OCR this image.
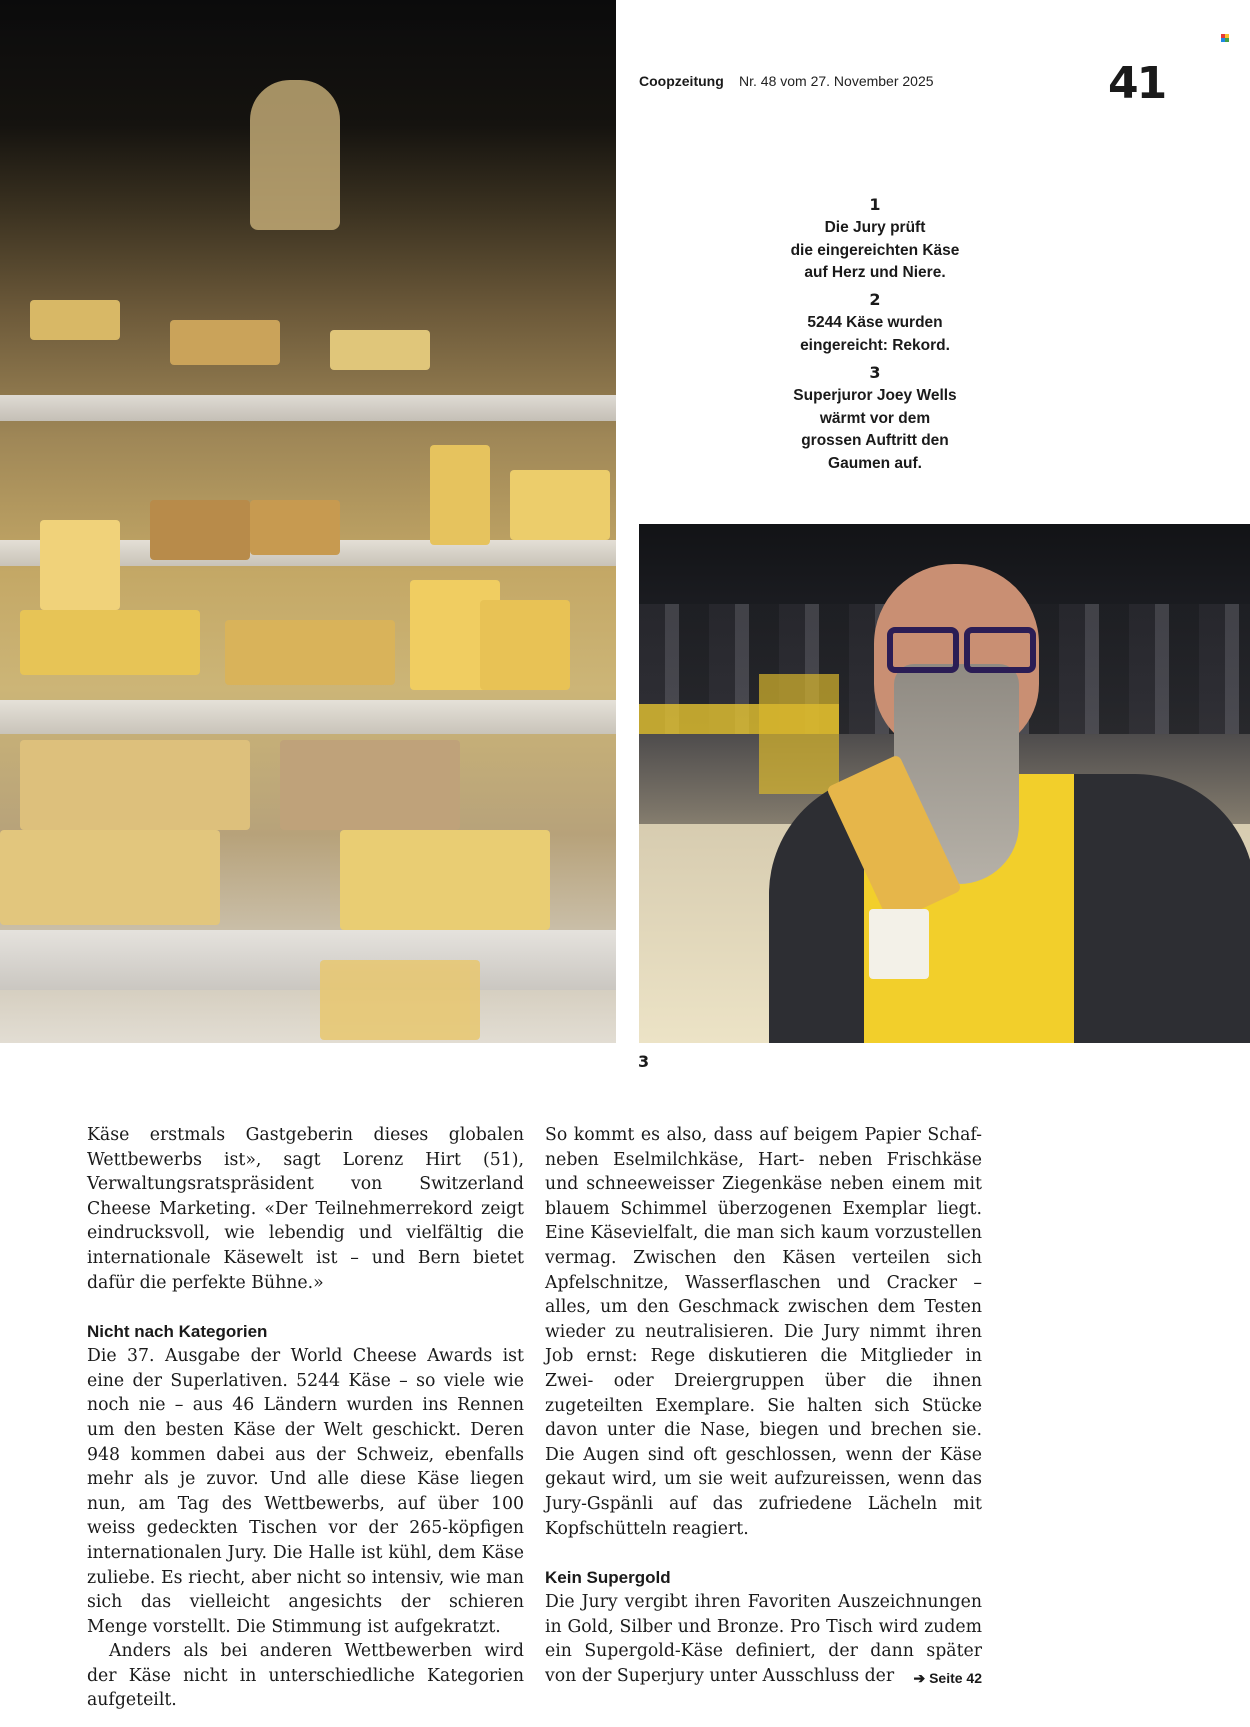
Coopzeitung Nr. 48 vom 27. November 2025	41
1
Die Jury prüft
die eingereichten Käse
auf Herz und Niere.
2
5244 Käse wurden
eingereicht: Rekord.
3
Superjuror Joey Wells
wärmt vor dem
grossen Auftritt den
Gaumen auf.
3

Käse erstmals Gastgeberin dieses globalen Wettbewerbs ist», sagt Lorenz Hirt (51), Verwaltungsratspräsident von Switzerland Cheese Marketing. «Der Teilnehmerrekord zeigt eindrucksvoll, wie lebendig und vielfältig die internationale Käsewelt ist – und Bern bietet dafür die perfekte Bühne.»

Nicht nach Kategorien

Die 37. Ausgabe der World Cheese Awards ist eine der Superlativen. 5244 Käse – so viele wie noch nie – aus 46 Ländern wurden ins Rennen um den besten Käse der Welt geschickt. Deren 948 kommen dabei aus der Schweiz, ebenfalls mehr als je zuvor. Und alle diese Käse liegen nun, am Tag des Wettbewerbs, auf über 100 weiss gedeckten Tischen vor der 265-köpfigen internationalen Jury. Die Halle ist kühl, dem Käse zuliebe. Es riecht, aber nicht so intensiv, wie man sich das vielleicht angesichts der schieren Menge vorstellt. Die Stimmung ist aufgekratzt.

Anders als bei anderen Wettbewerben wird der Käse nicht in unterschiedliche Kategorien aufgeteilt.

So kommt es also, dass auf beigem Papier Schaf- neben Eselmilchkäse, Hart- neben Frischkäse und schneeweisser Ziegenkäse neben einem mit blauem Schimmel überzogenen Exemplar liegt. Eine Käsevielfalt, die man sich kaum vorzustellen vermag. Zwischen den Käsen verteilen sich Apfelschnitze, Wasserflaschen und Cracker – alles, um den Geschmack zwischen dem Testen wieder zu neutralisieren. Die Jury nimmt ihren Job ernst: Rege diskutieren die Mitglieder in Zwei- oder Dreiergruppen über die ihnen zugeteilten Exemplare. Sie halten sich Stücke davon unter die Nase, biegen und brechen sie. Die Augen sind oft geschlossen, wenn der Käse gekaut wird, um sie weit aufzureissen, wenn das Jury-Gspänli auf das zufriedene Lächeln mit Kopfschütteln reagiert.

Kein Supergold

Die Jury vergibt ihren Favoriten Auszeichnungen in Gold, Silber und Bronze. Pro Tisch wird zudem ein Supergold-Käse definiert, der dann später von der Superjury unter Ausschluss der ➔ Seite 42
